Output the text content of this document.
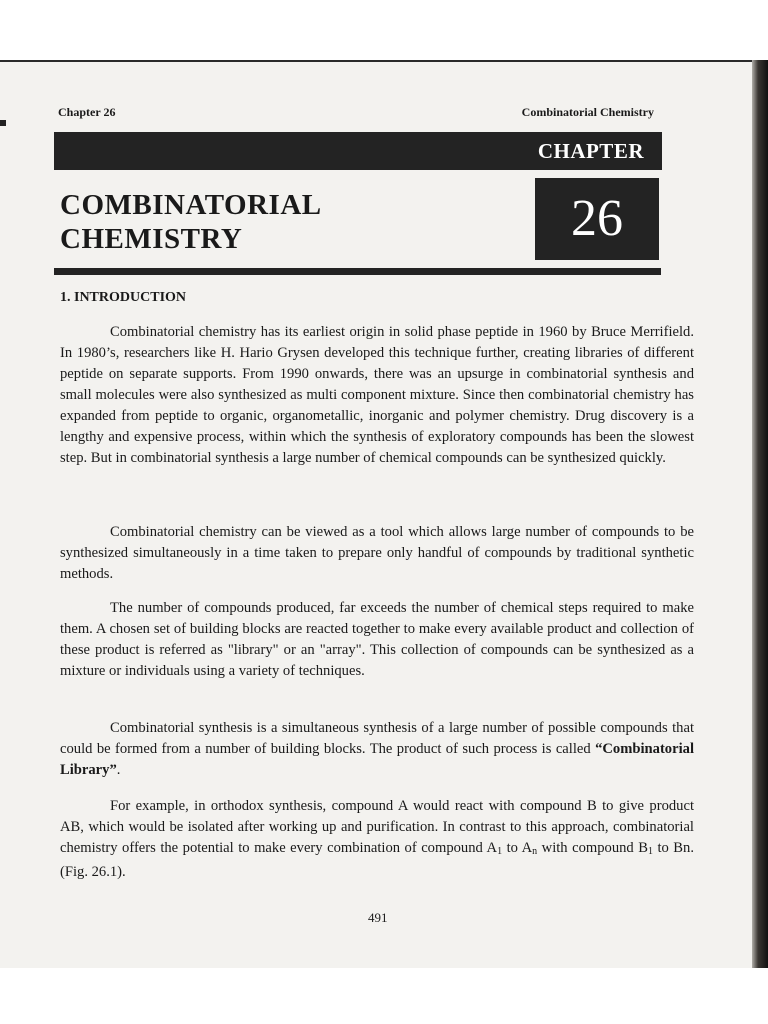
Chapter 26	Combinatorial Chemistry
CHAPTER
26
COMBINATORIAL
CHEMISTRY
1. INTRODUCTION

Combinatorial chemistry has its earliest origin in solid phase peptide in 1960 by Bruce Merrifield. In 1980’s, researchers like H. Hario Grysen developed this technique further, creating libraries of different peptide on separate supports. From 1990 onwards, there was an upsurge in combinatorial synthesis and small molecules were also synthesized as multi component mixture. Since then combinatorial chemistry has expanded from peptide to organic, organometallic, inorganic and polymer chemistry. Drug discovery is a lengthy and expensive process, within which the synthesis of exploratory compounds has been the slowest step. But in combinatorial synthesis a large number of chemical compounds can be synthesized quickly.

Combinatorial chemistry can be viewed as a tool which allows large number of compounds to be synthesized simultaneously in a time taken to prepare only handful of compounds by traditional synthetic methods.

The number of compounds produced, far exceeds the number of chemical steps required to make them. A chosen set of building blocks are reacted together to make every available product and collection of these product is referred as "library" or an "array". This collection of compounds can be synthesized as a mixture or individuals using a variety of techniques.

Combinatorial synthesis is a simultaneous synthesis of a large number of possible compounds that could be formed from a number of building blocks. The product of such process is called “Combinatorial Library”.

For example, in orthodox synthesis, compound A would react with compound B to give product AB, which would be isolated after working up and purification. In contrast to this approach, combinatorial chemistry offers the potential to make every combination of compound $A_1$ to $A_n$ with compound $B_1$ to Bn. (Fig. 26.1).

491
